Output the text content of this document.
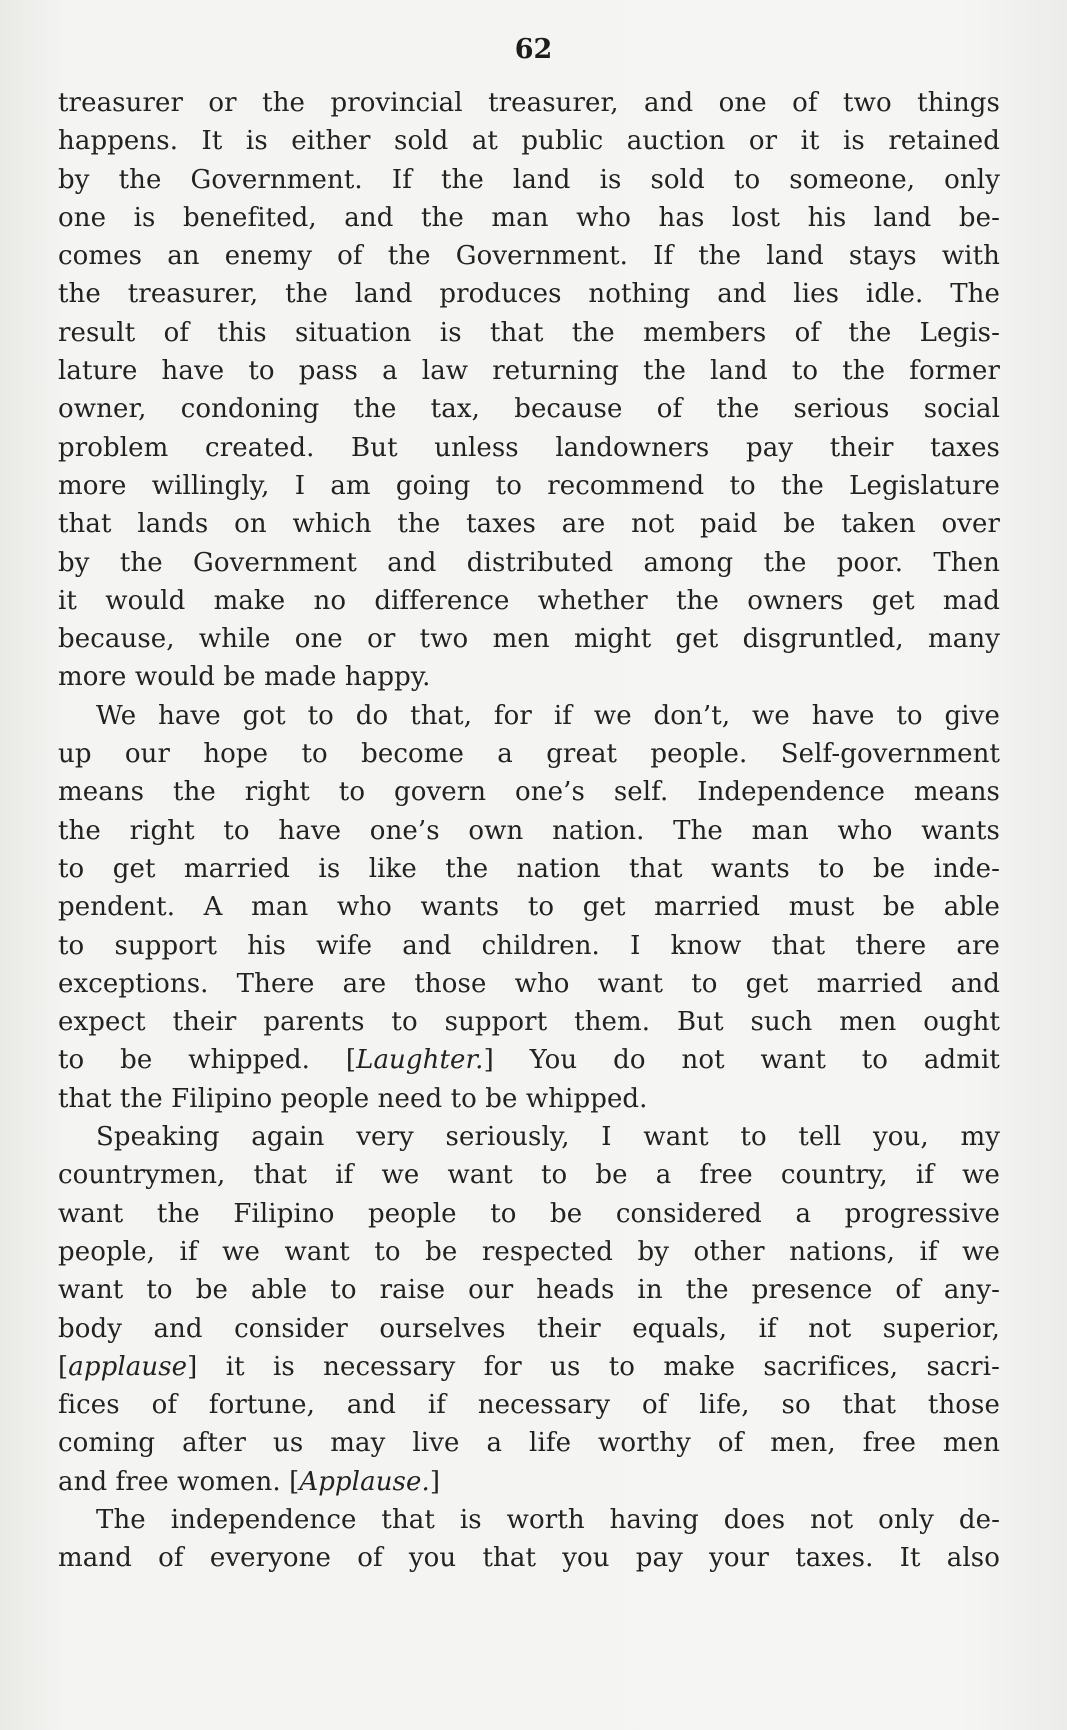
62
treasurer or the provincial treasurer, and one of two things
happens. It is either sold at public auction or it is retained
by the Government. If the land is sold to someone, only
one is benefited, and the man who has lost his land be-
comes an enemy of the Government. If the land stays with
the treasurer, the land produces nothing and lies idle. The
result of this situation is that the members of the Legis-
lature have to pass a law returning the land to the former
owner, condoning the tax, because of the serious social
problem created. But unless landowners pay their taxes
more willingly, I am going to recommend to the Legislature
that lands on which the taxes are not paid be taken over
by the Government and distributed among the poor. Then
it would make no difference whether the owners get mad
because, while one or two men might get disgruntled, many
more would be made happy.
We have got to do that, for if we don’t, we have to give
up our hope to become a great people. Self-government
means the right to govern one’s self. Independence means
the right to have one’s own nation. The man who wants
to get married is like the nation that wants to be inde-
pendent. A man who wants to get married must be able
to support his wife and children. I know that there are
exceptions. There are those who want to get married and
expect their parents to support them. But such men ought
to be whipped. [Laughter.] You do not want to admit
that the Filipino people need to be whipped.
Speaking again very seriously, I want to tell you, my
countrymen, that if we want to be a free country, if we
want the Filipino people to be considered a progressive
people, if we want to be respected by other nations, if we
want to be able to raise our heads in the presence of any-
body and consider ourselves their equals, if not superior,
[applause] it is necessary for us to make sacrifices, sacri-
fices of fortune, and if necessary of life, so that those
coming after us may live a life worthy of men, free men
and free women. [Applause.]
The independence that is worth having does not only de-
mand of everyone of you that you pay your taxes. It also
